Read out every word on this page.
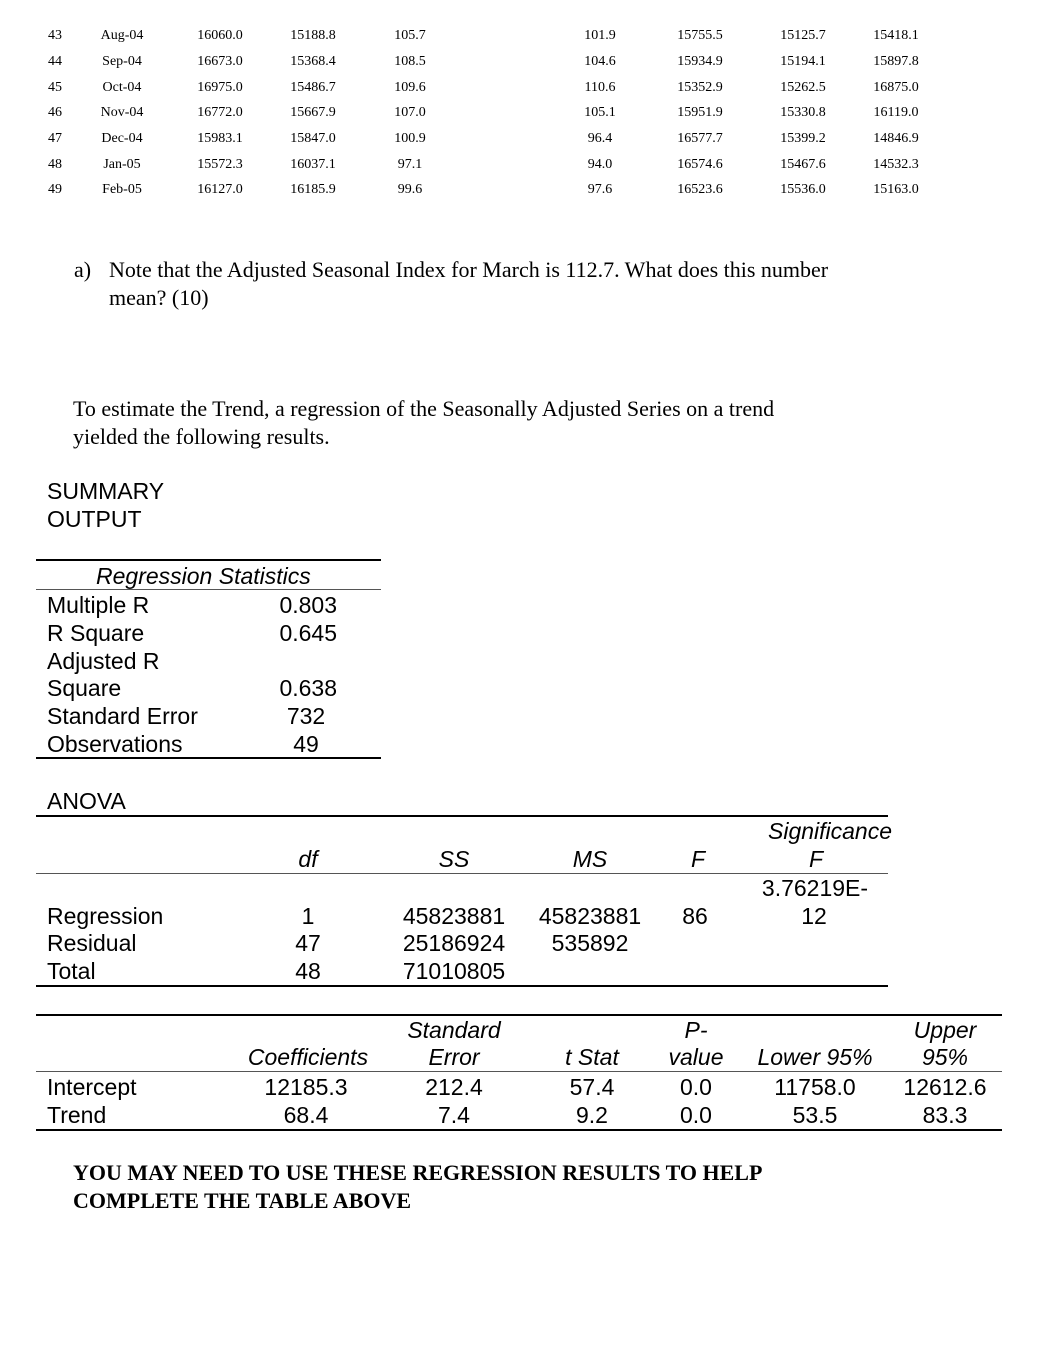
43	Aug-04	16060.0	15188.8	105.7	101.9	15755.5	15125.7	15418.1
44	Sep-04	16673.0	15368.4	108.5	104.6	15934.9	15194.1	15897.8
45	Oct-04	16975.0	15486.7	109.6	110.6	15352.9	15262.5	16875.0
46	Nov-04	16772.0	15667.9	107.0	105.1	15951.9	15330.8	16119.0
47	Dec-04	15983.1	15847.0	100.9	96.4	16577.7	15399.2	14846.9
48	Jan-05	15572.3	16037.1	97.1	94.0	16574.6	15467.6	14532.3
49	Feb-05	16127.0	16185.9	99.6	97.6	16523.6	15536.0	15163.0
a) Note that the Adjusted Seasonal Index for March is 112.7. What does this number
mean? (10)
To estimate the Trend, a regression of the Seasonally Adjusted Series on a trend
yielded the following results.
SUMMARY
OUTPUT
Regression Statistics
Multiple R	0.803
R Square	0.645
Adjusted R
Square	0.638
Standard Error	732
Observations	49
ANOVA
Significance
df	SS	MS	F	F
3.76219E-
Regression	1	45823881	45823881	86	12
Residual	47	25186924	535892
Total	48	71010805
Standard	P-	Upper
Coefficients	Error	t Stat	value	Lower 95%	95%
Intercept	12185.3	212.4	57.4	0.0	11758.0	12612.6
Trend	68.4	7.4	9.2	0.0	53.5	83.3
YOU MAY NEED TO USE THESE REGRESSION RESULTS TO HELP
COMPLETE THE TABLE ABOVE
